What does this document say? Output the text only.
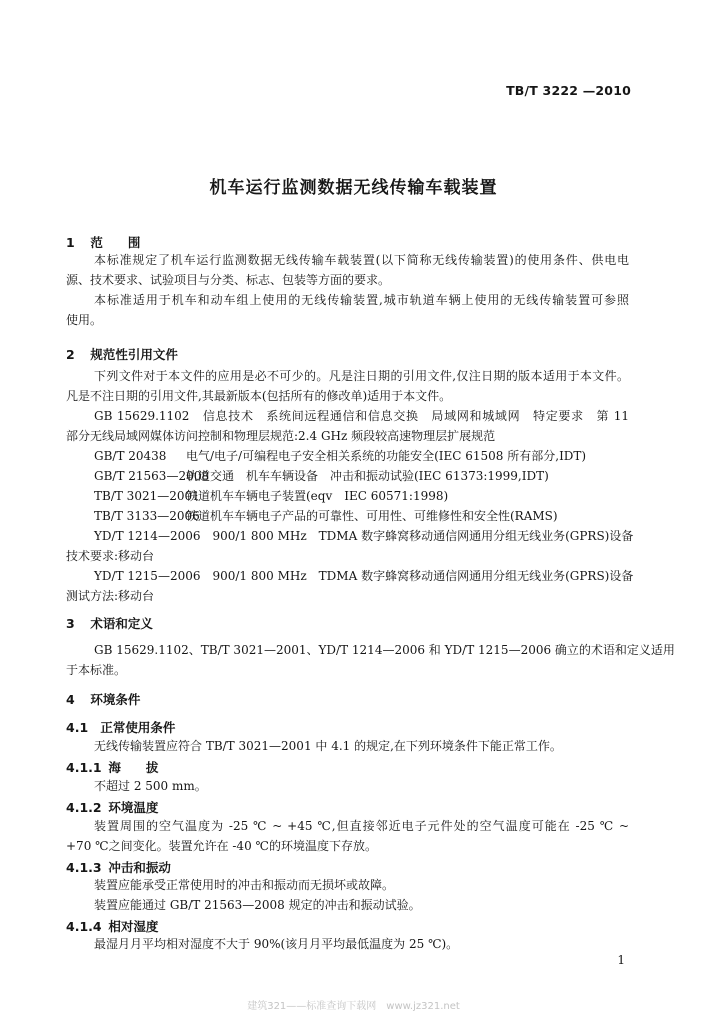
TB/T 3222 —2010
机车运行监测数据无线传输车载装置
1 范　　围
本标准规定了机车运行监测数据无线传输车载装置(以下简称无线传输装置)的使用条件、供电电
源、技术要求、试验项目与分类、标志、包装等方面的要求。
本标准适用于机车和动车组上使用的无线传输装置,城市轨道车辆上使用的无线传输装置可参照
使用。
2 规范性引用文件
下列文件对于本文件的应用是必不可少的。凡是注日期的引用文件,仅注日期的版本适用于本文件。
凡是不注日期的引用文件,其最新版本(包括所有的修改单)适用于本文件。
GB 15629.1102　信息技术　系统间远程通信和信息交换　局域网和城域网　特定要求　第 11
部分无线局域网媒体访问控制和物理层规范:2.4 GHz 频段较高速物理层扩展规范
GB/T 20438 电气/电子/可编程电子安全相关系统的功能安全(IEC 61508 所有部分,IDT)
GB/T 21563—2008轨道交通　机车车辆设备　冲击和振动试验(IEC 61373:1999,IDT)
TB/T 3021—2001铁道机车车辆电子装置(eqv　IEC 60571:1998)
TB/T 3133—2006铁道机车车辆电子产品的可靠性、可用性、可维修性和安全性(RAMS)
YD/T 1214—2006　900/1 800 MHz　TDMA 数字蜂窝移动通信网通用分组无线业务(GPRS)设备
技术要求:移动台
YD/T 1215—2006　900/1 800 MHz　TDMA 数字蜂窝移动通信网通用分组无线业务(GPRS)设备
测试方法:移动台
3 术语和定义
GB 15629.1102、TB/T 3021—2001、YD/T 1214—2006 和 YD/T 1215—2006 确立的术语和定义适用
于本标准。
4 环境条件
4.1 正常使用条件
无线传输装置应符合 TB/T 3021—2001 中 4.1 的规定,在下列环境条件下能正常工作。
4.1.1 海　　拔
不超过 2 500 mm。
4.1.2 环境温度
装置周围的空气温度为 -25 ℃ ~ +45 ℃,但直接邻近电子元件处的空气温度可能在 -25 ℃ ~
+70 ℃之间变化。装置允许在 -40 ℃的环境温度下存放。
4.1.3 冲击和振动
装置应能承受正常使用时的冲击和振动而无损坏或故障。
装置应能通过 GB/T 21563—2008 规定的冲击和振动试验。
4.1.4 相对湿度
最湿月月平均相对湿度不大于 90%(该月月平均最低温度为 25 ℃)。
1
建筑321——标准查询下载网　www.jz321.net
